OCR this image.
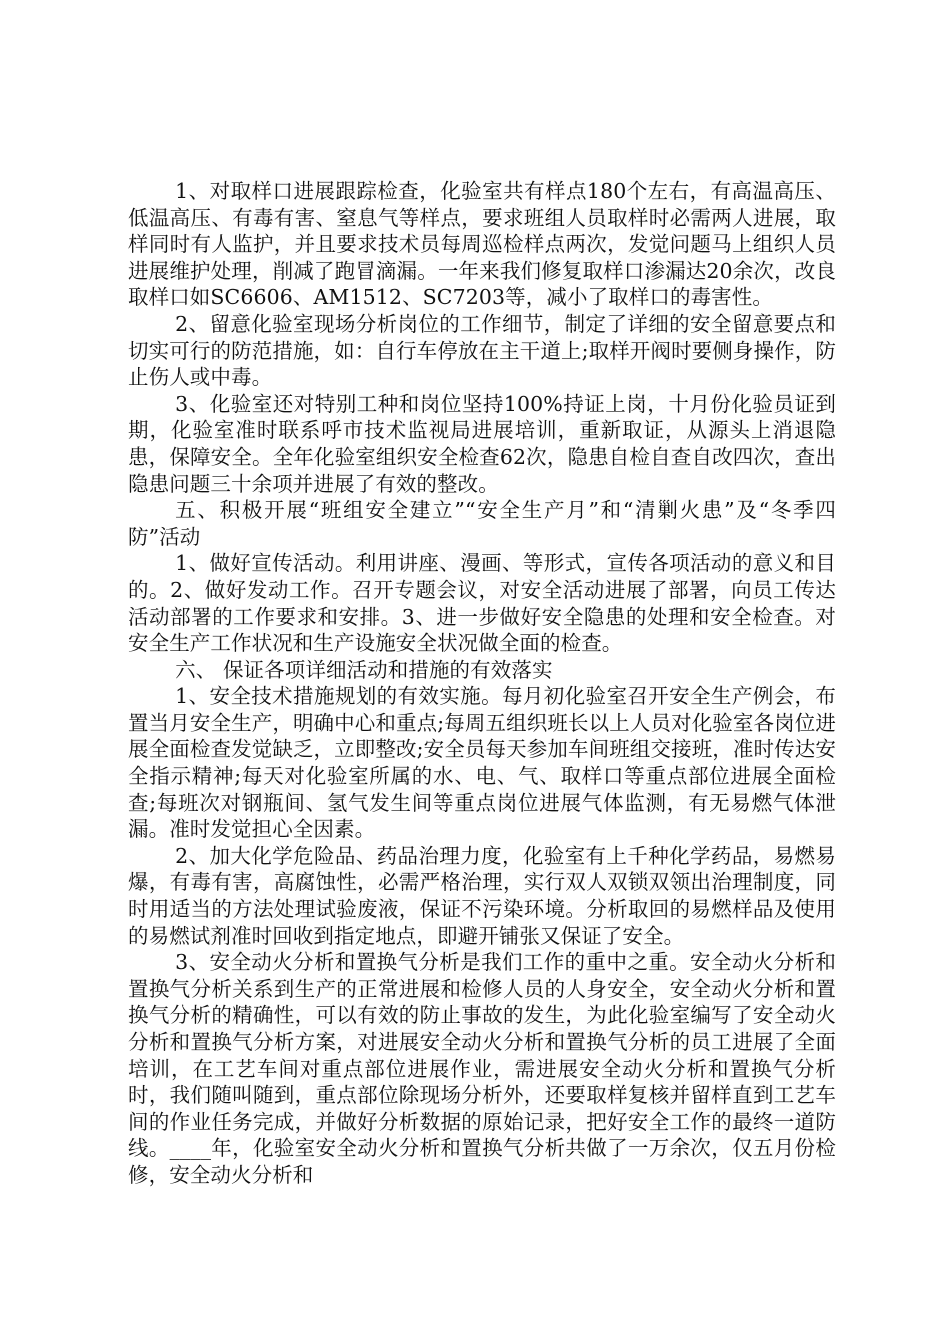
1、对取样口进展跟踪检查，化验室共有样点180个左右，有高温高压、低温高压、有毒有害、窒息气等样点，要求班组人员取样时必需两人进展，取样同时有人监护，并且要求技术员每周巡检样点两次，发觉问题马上组织人员进展维护处理，削减了跑冒滴漏。一年来我们修复取样口渗漏达20余次，改良取样口如SC6606、AM1512、SC7203等，减小了取样口的毒害性。

2、留意化验室现场分析岗位的工作细节，制定了详细的安全留意要点和切实可行的防范措施，如：自行车停放在主干道上;取样开阀时要侧身操作，防止伤人或中毒。

3、化验室还对特别工种和岗位坚持100%持证上岗，十月份化验员证到期，化验室准时联系呼市技术监视局进展培训，重新取证，从源头上消退隐患，保障安全。全年化验室组织安全检查62次，隐患自检自查自改四次，查出隐患问题三十余项并进展了有效的整改。

五、积极开展“班组安全建立”“安全生产月”和“清剿火患”及“冬季四防”活动

1、做好宣传活动。利用讲座、漫画、等形式，宣传各项活动的意义和目的。2、做好发动工作。召开专题会议，对安全活动进展了部署，向员工传达活动部署的工作要求和安排。3、进一步做好安全隐患的处理和安全检查。对安全生产工作状况和生产设施安全状况做全面的检查。

六、 保证各项详细活动和措施的有效落实

1、安全技术措施规划的有效实施。每月初化验室召开安全生产例会，布置当月安全生产，明确中心和重点;每周五组织班长以上人员对化验室各岗位进展全面检查发觉缺乏，立即整改;安全员每天参加车间班组交接班，准时传达安全指示精神;每天对化验室所属的水、电、气、取样口等重点部位进展全面检查;每班次对钢瓶间、氢气发生间等重点岗位进展气体监测，有无易燃气体泄漏。准时发觉担心全因素。

2、加大化学危险品、药品治理力度，化验室有上千种化学药品，易燃易爆，有毒有害，高腐蚀性，必需严格治理，实行双人双锁双领出治理制度，同时用适当的方法处理试验废液，保证不污染环境。分析取回的易燃样品及使用的易燃试剂准时回收到指定地点，即避开铺张又保证了安全。

3、安全动火分析和置换气分析是我们工作的重中之重。安全动火分析和置换气分析关系到生产的正常进展和检修人员的人身安全，安全动火分析和置换气分析的精确性，可以有效的防止事故的发生，为此化验室编写了安全动火分析和置换气分析方案，对进展安全动火分析和置换气分析的员工进展了全面培训，在工艺车间对重点部位进展作业，需进展安全动火分析和置换气分析时，我们随叫随到，重点部位除现场分析外，还要取样复核并留样直到工艺车间的作业任务完成，并做好分析数据的原始记录，把好安全工作的最终一道防线。____年，化验室安全动火分析和置换气分析共做了一万余次，仅五月份检修，安全动火分析和
